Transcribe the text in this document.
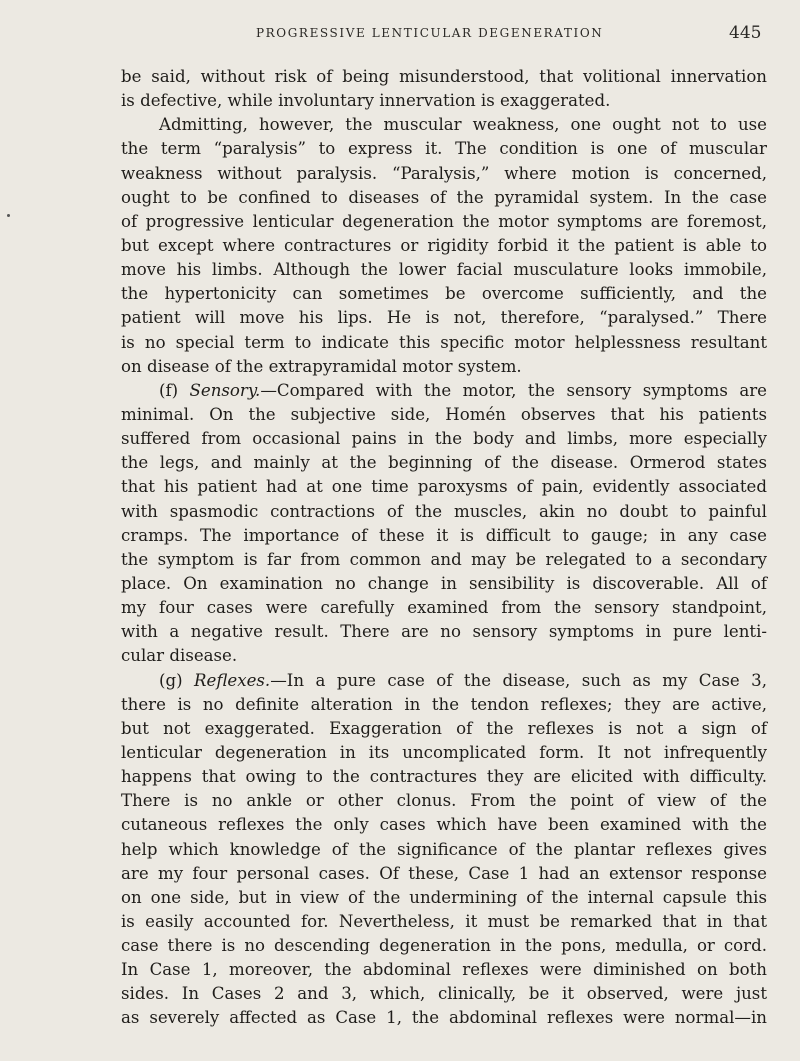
PROGRESSIVE LENTICULAR DEGENERATION	445
be said, without risk of being misunderstood, that volitional innervation
is defective, while involuntary innervation is exaggerated.
Admitting, however, the muscular weakness, one ought not to use
the term “paralysis” to express it. The condition is one of muscular
weakness without paralysis. “Paralysis,” where motion is concerned,
ought to be confined to diseases of the pyramidal system. In the case
of progressive lenticular degeneration the motor symptoms are foremost,
but except where contractures or rigidity forbid it the patient is able to
move his limbs. Although the lower facial musculature looks immobile,
the hypertonicity can sometimes be overcome sufficiently, and the
patient will move his lips. He is not, therefore, “paralysed.” There
is no special term to indicate this specific motor helplessness resultant
on disease of the extrapyramidal motor system.
(f) Sensory.—Compared with the motor, the sensory symptoms are
minimal. On the subjective side, Homén observes that his patients
suffered from occasional pains in the body and limbs, more especially
the legs, and mainly at the beginning of the disease. Ormerod states
that his patient had at one time paroxysms of pain, evidently associated
with spasmodic contractions of the muscles, akin no doubt to painful
cramps. The importance of these it is difficult to gauge; in any case
the symptom is far from common and may be relegated to a secondary
place. On examination no change in sensibility is discoverable. All of
my four cases were carefully examined from the sensory standpoint,
with a negative result. There are no sensory symptoms in pure lenti-
cular disease.
(g) Reflexes.—In a pure case of the disease, such as my Case 3,
there is no definite alteration in the tendon reflexes; they are active,
but not exaggerated. Exaggeration of the reflexes is not a sign of
lenticular degeneration in its uncomplicated form. It not infrequently
happens that owing to the contractures they are elicited with difficulty.
There is no ankle or other clonus. From the point of view of the
cutaneous reflexes the only cases which have been examined with the
help which knowledge of the significance of the plantar reflexes gives
are my four personal cases. Of these, Case 1 had an extensor response
on one side, but in view of the undermining of the internal capsule this
is easily accounted for. Nevertheless, it must be remarked that in that
case there is no descending degeneration in the pons, medulla, or cord.
In Case 1, moreover, the abdominal reflexes were diminished on both
sides. In Cases 2 and 3, which, clinically, be it observed, were just
as severely affected as Case 1, the abdominal reflexes were normal—in
